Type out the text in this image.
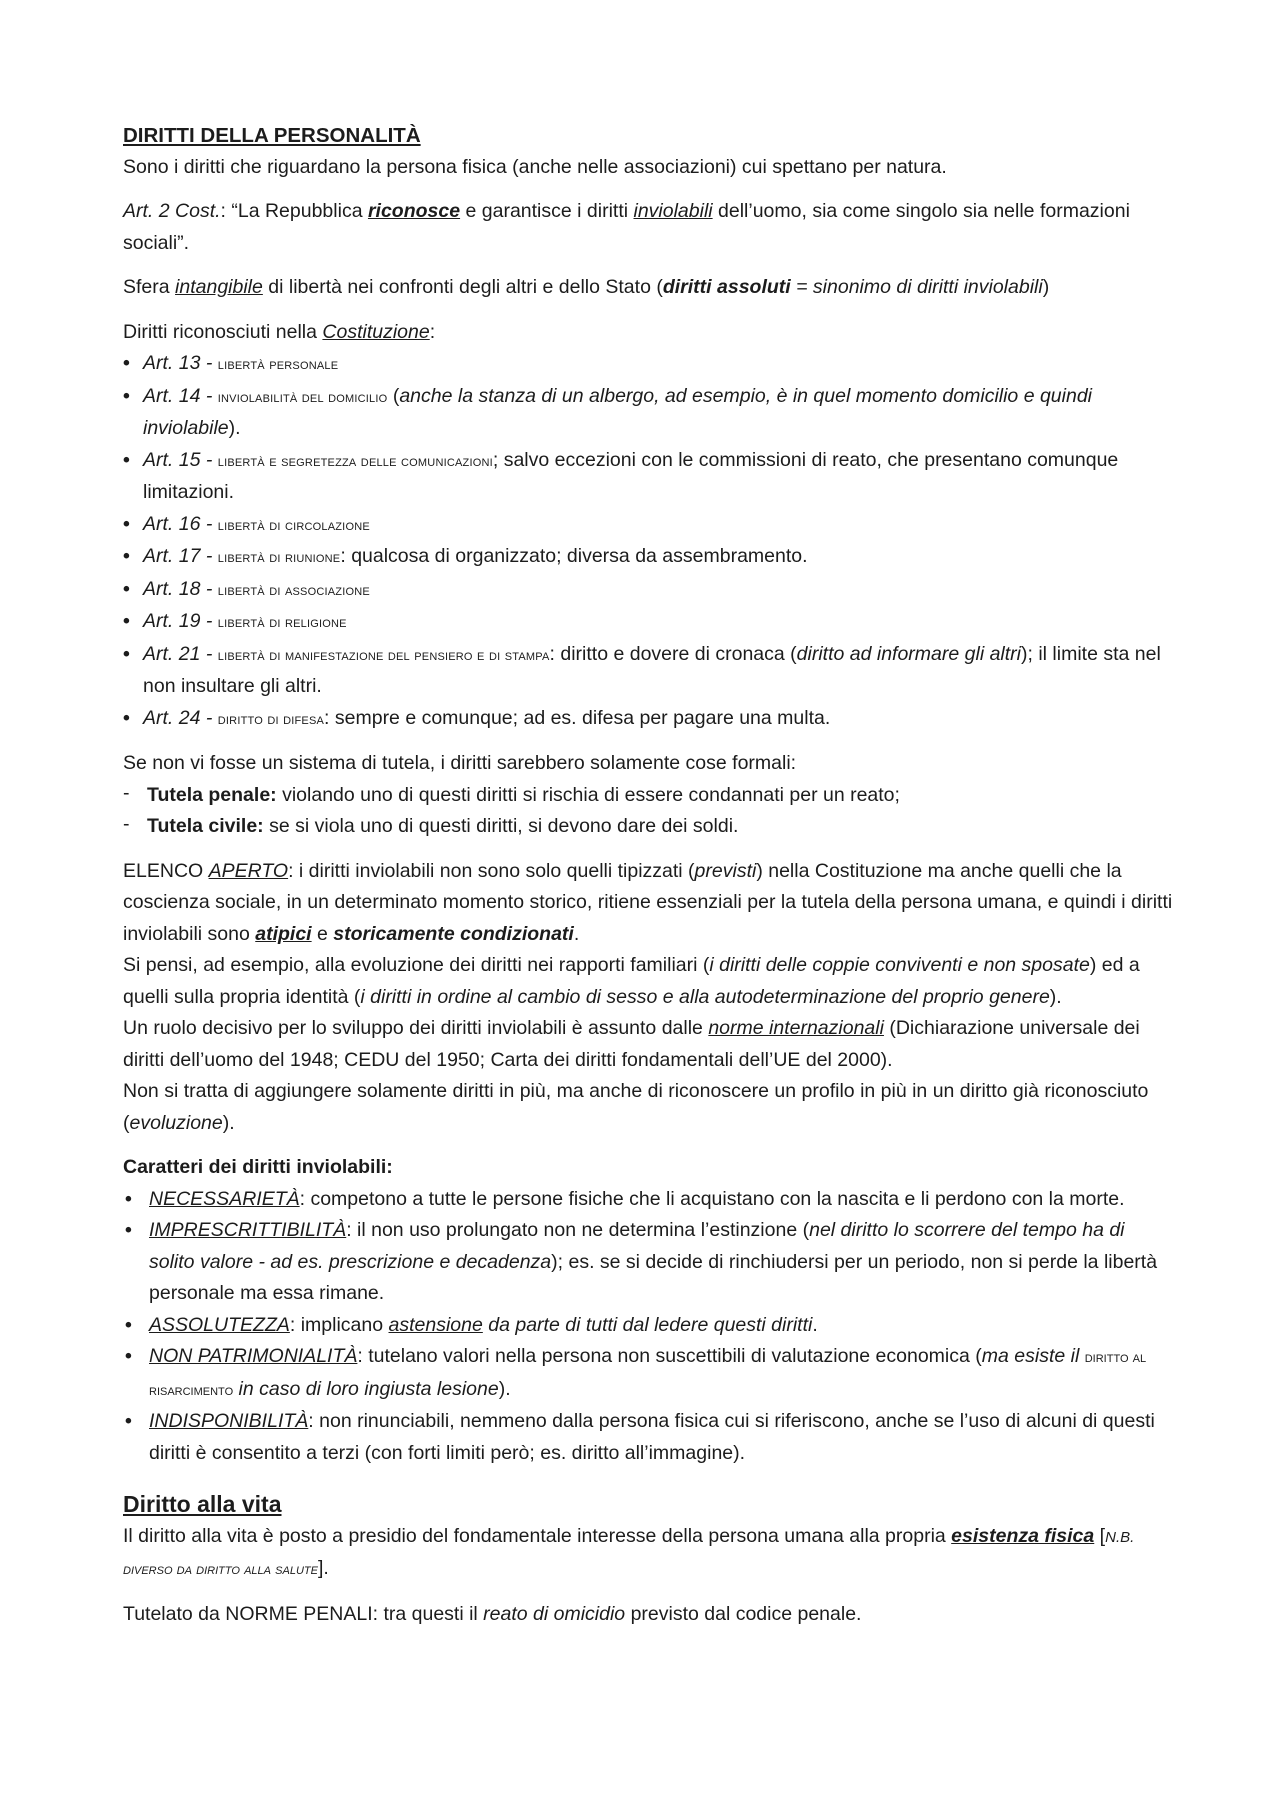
DIRITTI DELLA PERSONALITÀ

Sono i diritti che riguardano la persona fisica (anche nelle associazioni) cui spettano per natura.

Art. 2 Cost.: “La Repubblica riconosce e garantisce i diritti inviolabili dell’uomo, sia come singolo sia nelle formazioni sociali”.

Sfera intangibile di libertà nei confronti degli altri e dello Stato (diritti assoluti = sinonimo di diritti inviolabili)

Diritti riconosciuti nella Costituzione:

• Art. 13 - libertà personale
• Art. 14 - inviolabilità del domicilio (anche la stanza di un albergo, ad esempio, è in quel momento domicilio e quindi inviolabile).
• Art. 15 - libertà e segretezza delle comunicazioni; salvo eccezioni con le commissioni di reato, che presentano comunque limitazioni.
• Art. 16 - libertà di circolazione
• Art. 17 - libertà di riunione: qualcosa di organizzato; diversa da assembramento.
• Art. 18 - libertà di associazione
• Art. 19 - libertà di religione
• Art. 21 - libertà di manifestazione del pensiero e di stampa: diritto e dovere di cronaca (diritto ad informare gli altri); il limite sta nel non insultare gli altri.
• Art. 24 - diritto di difesa: sempre e comunque; ad es. difesa per pagare una multa.

Se non vi fosse un sistema di tutela, i diritti sarebbero solamente cose formali:

- Tutela penale: violando uno di questi diritti si rischia di essere condannati per un reato;
- Tutela civile: se si viola uno di questi diritti, si devono dare dei soldi.

ELENCO APERTO: i diritti inviolabili non sono solo quelli tipizzati (previsti) nella Costituzione ma anche quelli che la coscienza sociale, in un determinato momento storico, ritiene essenziali per la tutela della persona umana, e quindi i diritti inviolabili sono atipici e storicamente condizionati.

Si pensi, ad esempio, alla evoluzione dei diritti nei rapporti familiari (i diritti delle coppie conviventi e non sposate) ed a quelli sulla propria identità (i diritti in ordine al cambio di sesso e alla autodeterminazione del proprio genere).

Un ruolo decisivo per lo sviluppo dei diritti inviolabili è assunto dalle norme internazionali (Dichiarazione universale dei diritti dell’uomo del 1948; CEDU del 1950; Carta dei diritti fondamentali dell’UE del 2000).

Non si tratta di aggiungere solamente diritti in più, ma anche di riconoscere un profilo in più in un diritto già riconosciuto (evoluzione).

Caratteri dei diritti inviolabili:

• NECESSARIETÀ: competono a tutte le persone fisiche che li acquistano con la nascita e li perdono con la morte.
• IMPRESCRITTIBILITÀ: il non uso prolungato non ne determina l’estinzione (nel diritto lo scorrere del tempo ha di solito valore - ad es. prescrizione e decadenza); es. se si decide di rinchiudersi per un periodo, non si perde la libertà personale ma essa rimane.
• ASSOLUTEZZA: implicano astensione da parte di tutti dal ledere questi diritti.
• NON PATRIMONIALITÀ: tutelano valori nella persona non suscettibili di valutazione economica (ma esiste il diritto al risarcimento in caso di loro ingiusta lesione).
• INDISPONIBILITÀ: non rinunciabili, nemmeno dalla persona fisica cui si riferiscono, anche se l’uso di alcuni di questi diritti è consentito a terzi (con forti limiti però; es. diritto all’immagine).

Diritto alla vita

Il diritto alla vita è posto a presidio del fondamentale interesse della persona umana alla propria esistenza fisica [N.B. diverso da diritto alla salute].

Tutelato da NORME PENALI: tra questi il reato di omicidio previsto dal codice penale.
